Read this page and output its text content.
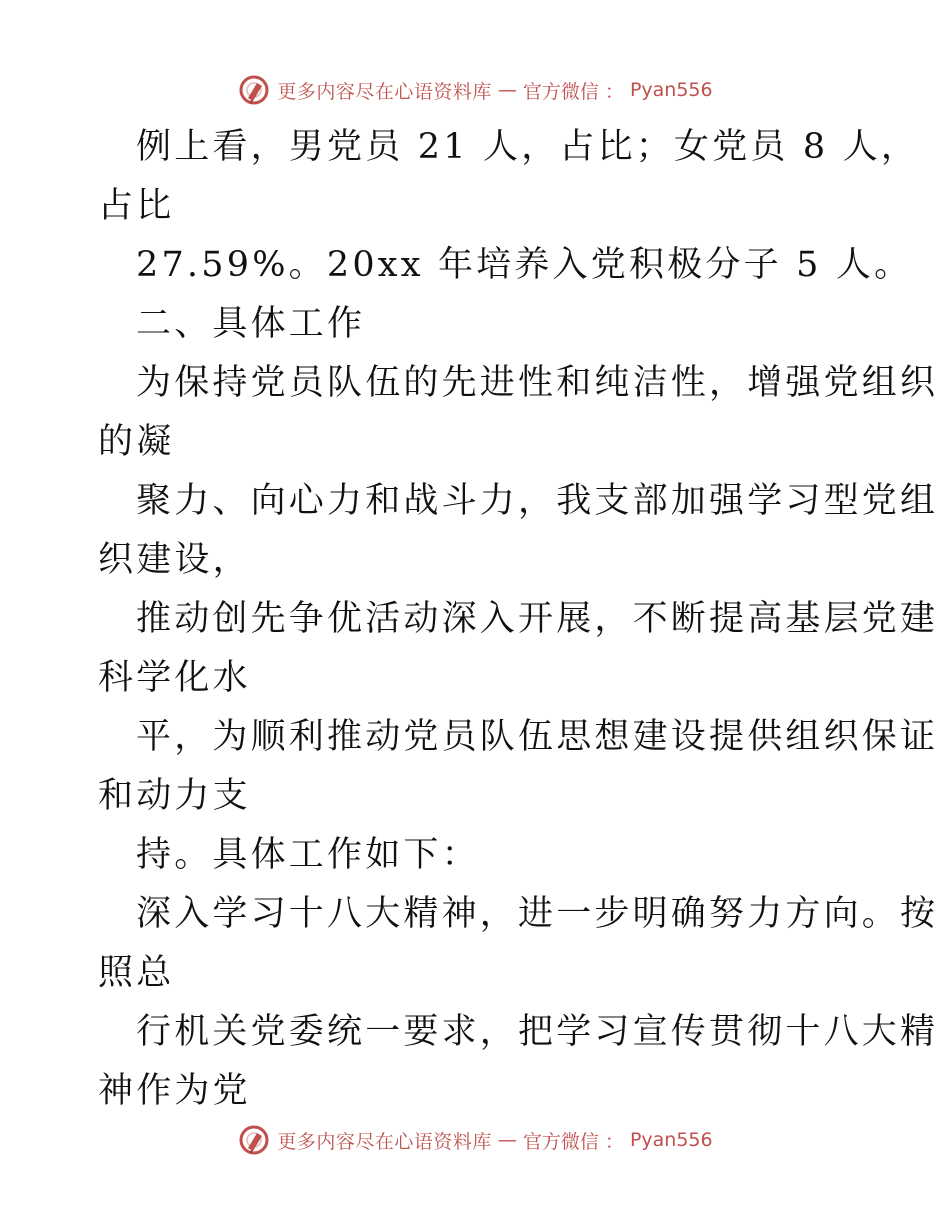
更多内容尽在心语资料库 — 官方微信 ： Pyan556
例上看，男党员 21 人，占比；女党员 8 人，
占比
27.59%。20xx 年培养入党积极分子 5 人。
二、具体工作
为保持党员队伍的先进性和纯洁性，增强党组织
的凝
聚力、向心力和战斗力，我支部加强学习型党组
织建设，
推动创先争优活动深入开展，不断提高基层党建
科学化水
平，为顺利推动党员队伍思想建设提供组织保证
和动力支
持。具体工作如下：
深入学习十八大精神，进一步明确努力方向。按
照总
行机关党委统一要求，把学习宣传贯彻十八大精
神作为党
更多内容尽在心语资料库 — 官方微信 ： Pyan556
